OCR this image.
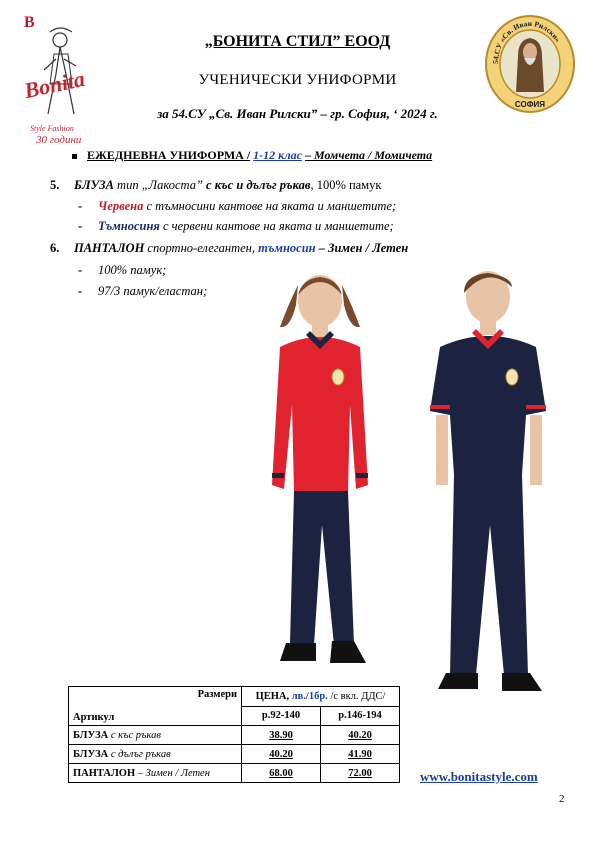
B
Bonita
Style Fashion
30 години
54.СУ «Св. Иван Рилски»
СОФИЯ
„БОНИТА СТИЛ” ЕООД
УЧЕНИЧЕСКИ УНИФОРМИ
за 54.СУ „Св. Иван Рилски” – гр. София, ‘ 2024 г.
ЕЖЕДНЕВНА УНИФОРМА / 1-12 клас – Момчета / Момичета
5. БЛУЗА тип „Лакоста” с къс и дълъг ръкав, 100% памук
- Червена с тъмносини кантове на яката и маншетите;
- Тъмносиня с червени кантове на яката и маншетите;
6. ПАНТАЛОН спортно-елегантен, тъмносин – Зимен / Летен
- 100% памук;
- 97/3 памук/еластан;
Размери
Артикул	ЦЕНА, лв./1бр. /с вкл. ДДС/	
	р.92-140	р.146-194
БЛУЗА с къс ръкав	38.90	40.20
БЛУЗА с дълъг ръкав	40.20	41.90
ПАНТАЛОН – Зимен / Летен	68.00	72.00	www.bonitastyle.com
2
